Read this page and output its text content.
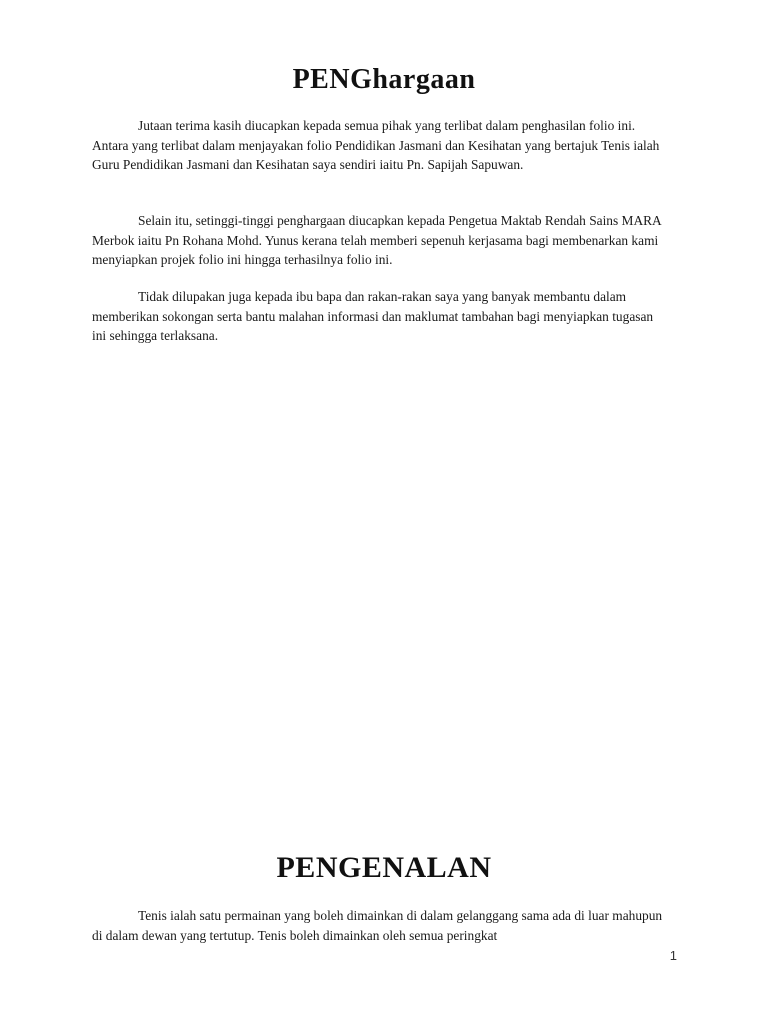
PENGhargaan

Jutaan terima kasih diucapkan kepada semua pihak yang terlibat dalam penghasilan folio ini. Antara yang terlibat dalam menjayakan folio Pendidikan Jasmani dan Kesihatan yang bertajuk Tenis ialah Guru Pendidikan Jasmani dan Kesihatan saya sendiri iaitu Pn. Sapijah Sapuwan.

Selain itu, setinggi-tinggi penghargaan diucapkan kepada Pengetua Maktab Rendah Sains MARA Merbok iaitu Pn Rohana Mohd. Yunus kerana telah memberi sepenuh kerjasama bagi membenarkan kami menyiapkan projek folio ini hingga terhasilnya folio ini.

Tidak dilupakan juga kepada ibu bapa dan rakan-rakan saya yang banyak membantu dalam memberikan sokongan serta bantu malahan informasi dan maklumat tambahan bagi menyiapkan tugasan ini sehingga terlaksana.

PENGENALAN

Tenis ialah satu permainan yang boleh dimainkan di dalam gelanggang sama ada di luar mahupun di dalam dewan yang tertutup. Tenis boleh dimainkan oleh semua peringkat

1
